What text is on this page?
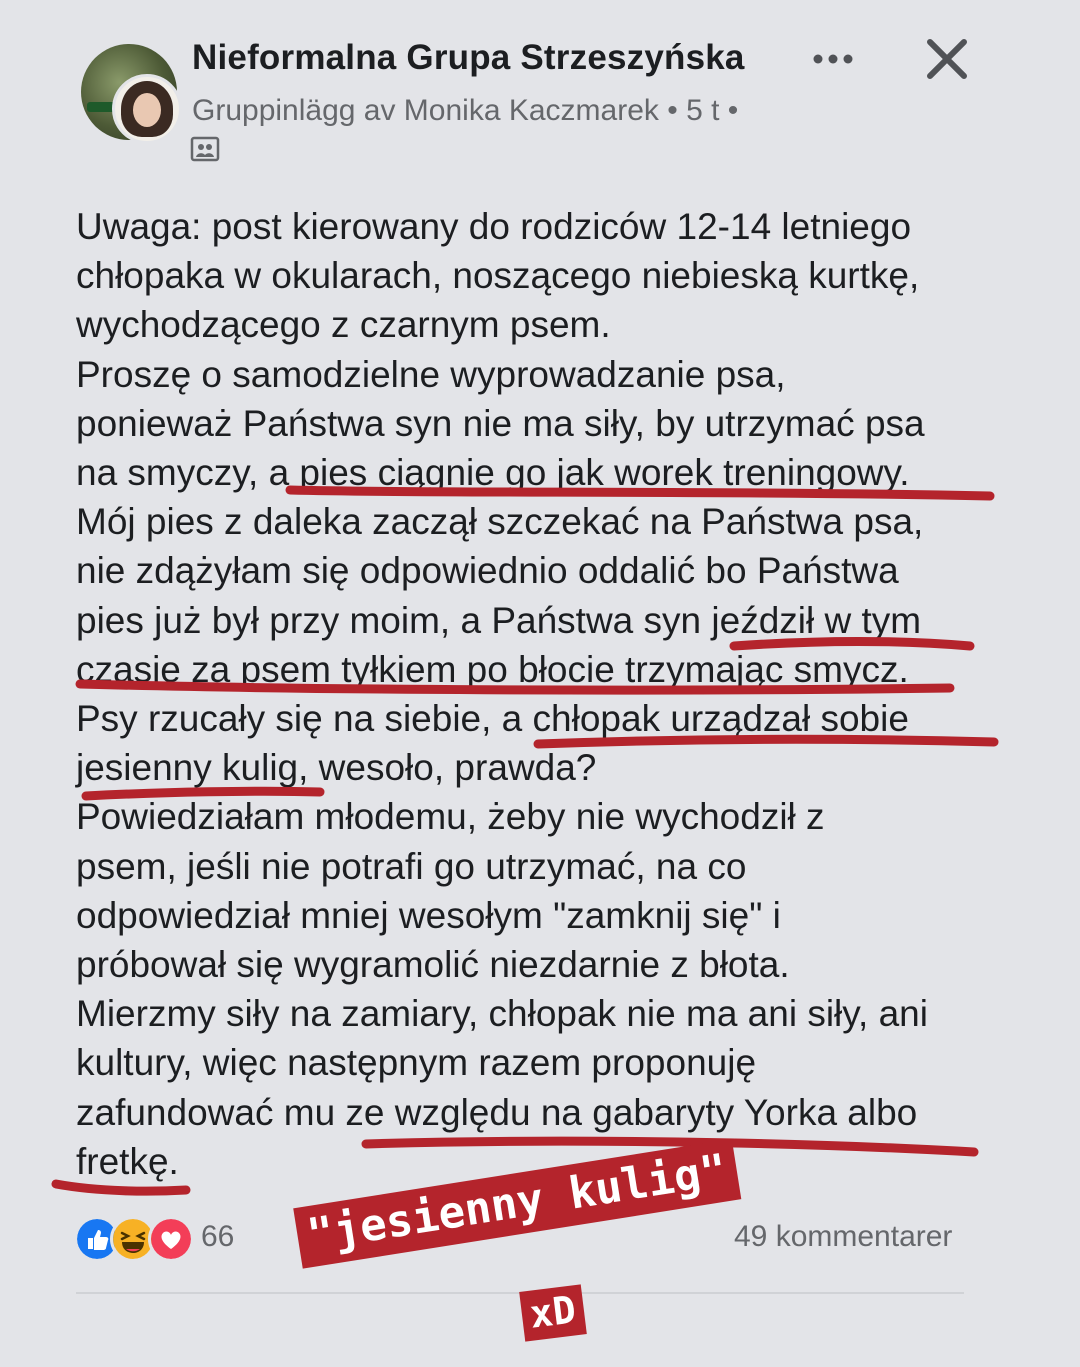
Nieformalna Grupa Strzeszyńska
Gruppinlägg av Monika Kaczmarek • 5 t •

Uwaga: post kierowany do rodziców 12-14 letniego

chłopaka w okularach, noszącego niebieską kurtkę,

wychodzącego z czarnym psem.

Proszę o samodzielne wyprowadzanie psa,

ponieważ Państwa syn nie ma siły, by utrzymać psa

na smyczy, a pies ciągnie go jak worek treningowy.

Mój pies z daleka zaczął szczekać na Państwa psa,

nie zdążyłam się odpowiednio oddalić bo Państwa

pies już był przy moim, a Państwa syn jeździł w tym

czasie za psem tyłkiem po błocie trzymając smycz.

Psy rzucały się na siebie, a chłopak urządzał sobie

jesienny kulig, wesoło, prawda?

Powiedziałam młodemu, żeby nie wychodził z

psem, jeśli nie potrafi go utrzymać, na co

odpowiedział mniej wesołym "zamknij się" i

próbował się wygramolić niezdarnie z błota.

Mierzmy siły na zamiary, chłopak nie ma ani siły, ani

kultury, więc następnym razem proponuję

zafundować mu ze względu na gabaryty Yorka albo

fretkę.

66	49 kommentarer
"jesienny kulig"
xD
